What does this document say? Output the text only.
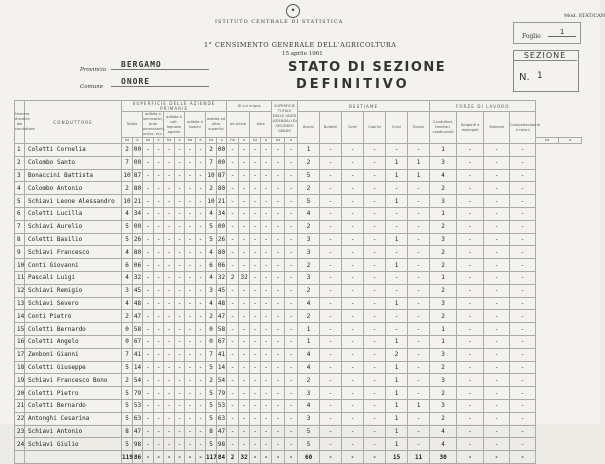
✦
ISTITUTO CENTRALE DI STATISTICA
1° CENSIMENTO GENERALE DELL'AGRICOLTURA
15 aprile 1961
Mod. STAT/CAN
Foglio
1
Provincia
BERGAMO
Comune
ONORE
STATO DI SEZIONE
DEFINITIVO
SEZIONE
N. 1
Numero d'ordine del conduttore	CONDUTTORE	SUPERFICIE DELLE AZIENDE PRIMARIE										Di cui irrigua				SUPERFICIE TOTALE DELLE UNITÀ AZIENDALI DI SECONDO GRADO		BESTIAME						FORZE DI LAVORO					
		Totale		adibita a seminativi, prati permanenti, ortive, ecc.		adibita a colt. legnose agrarie		adibita a boschi		adibita ad altre superfici		ad ortive		altre				Bovini	Bufalini	Ovini	Caprini	Suini	Equini	Conduttori, familiari, coadiuvanti	Dirigenti e impiegati	Salariati	Compartecipanti e coloni		
		ha	a	ha	a	ha	a	ha	a	ha	a	ha	a	ha	a	ha	a											ha	a
1	Coletti Cornelia	2	00	-	-	-	-	-	-	2	00	-	-	-	-	-	-	1	-	-	-	-	-	1	-	-	-		
2	Colombo Santo	7	00	-	-	-	-	-	-	7	00	-	-	-	-	-	-	2	-	-	-	1	1	3	-	-	-		
3	Bonaccini Battista	10	87	-	-	-	-	-	-	10	87	-	-	-	-	-	-	5	-	-	-	1	1	4	-	-	-		
4	Colombo Antonio	2	80	-	-	-	-	-	-	2	80	-	-	-	-	-	-	2	-	-	-	-	-	2	-	-	-		
5	Schiavi Leone Alessandro	10	21	-	-	-	-	-	-	10	21	-	-	-	-	-	-	5	-	-	-	1	-	3	-	-	-		
6	Coletti Lucilla	4	34	-	-	-	-	-	-	4	34	-	-	-	-	-	-	4	-	-	-	-	-	1	-	-	-		
7	Schiavi Aurelio	5	00	-	-	-	-	-	-	5	00	-	-	-	-	-	-	2	-	-	-	-	-	2	-	-	-		
8	Coletti Basilio	5	26	-	-	-	-	-	-	5	26	-	-	-	-	-	-	3	-	-	-	1	-	3	-	-	-		
9	Schiavi Francesco	4	80	-	-	-	-	-	-	4	80	-	-	-	-	-	-	3	-	-	-	-	-	2	-	-	-		
10	Conti Giovanni	6	06	-	-	-	-	-	-	6	06	-	-	-	-	-	-	2	-	-	-	1	-	2	-	-	-		
11	Pascali Luigi	4	32	-	-	-	-	-	-	4	32	2	32	-	-	-	-	3	-	-	-	-	-	1	-	-	-		
12	Schiavi Remigio	3	45	-	-	-	-	-	-	3	45	-	-	-	-	-	-	2	-	-	-	-	-	2	-	-	-		
13	Schiavi Severo	4	48	-	-	-	-	-	-	4	48	-	-	-	-	-	-	4	-	-	-	1	-	3	-	-	-		
14	Conti Pietro	2	47	-	-	-	-	-	-	2	47	-	-	-	-	-	-	2	-	-	-	-	-	2	-	-	-		
15	Coletti Bernardo	0	58	-	-	-	-	-	-	0	58	-	-	-	-	-	-	1	-	-	-	-	-	1	-	-	-		
16	Coletti Angelo	0	67	-	-	-	-	-	-	0	67	-	-	-	-	-	-	1	-	-	-	1	-	1	-	-	-		
17	Zenboni Gianni	7	41	-	-	-	-	-	-	7	41	-	-	-	-	-	-	4	-	-	-	2	-	3	-	-	-		
18	Coletti Giuseppe	5	14	-	-	-	-	-	-	5	14	-	-	-	-	-	-	4	-	-	-	1	-	2	-	-	-		
19	Schiavi Francesco Bono	2	54	-	-	-	-	-	-	2	54	-	-	-	-	-	-	2	-	-	-	1	-	3	-	-	-		
20	Coletti Pietro	5	79	-	-	-	-	-	-	5	79	-	-	-	-	-	-	3	-	-	-	1	-	2	-	-	-		
21	Coletti Bernardo	5	53	-	-	-	-	-	-	5	53	-	-	-	-	-	-	4	-	-	-	1	1	3	-	-	-		
22	Antonghi Cesarina	5	63	-	-	-	-	-	-	5	63	-	-	-	-	-	-	3	-	-	-	1	-	2	-	-	-		
23	Schiavi Antonio	8	47	-	-	-	-	-	-	8	47	-	-	-	-	-	-	5	-	-	-	1	-	4	-	-	-		
24	Schiavi Giulio	5	98	-	-	-	-	-	-	5	98	-	-	-	-	-	-	5	-	-	-	1	-	4	-	-	-		
		119	86	-	-	-	-	-	-	117	84	2	32	-	-	-	-	60	-	-	-	15	11	30	-	-	-		
